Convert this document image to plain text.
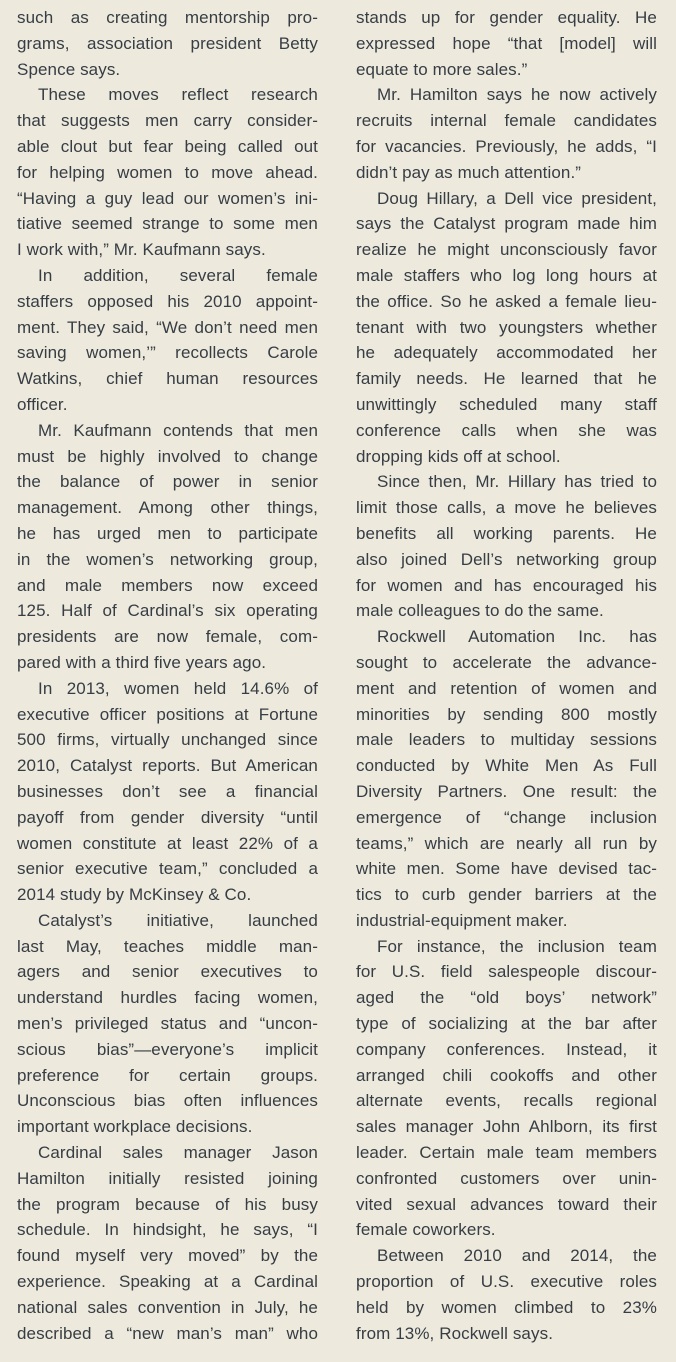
such as creating mentorship pro-
grams, association president Betty
Spence says.
These moves reflect research
that suggests men carry consider-
able clout but fear being called out
for helping women to move ahead.
“Having a guy lead our women’s ini-
tiative seemed strange to some men
I work with,” Mr. Kaufmann says.
In addition, several female
staffers opposed his 2010 appoint-
ment. They said, “We don’t need men
saving women,’” recollects Carole
Watkins, chief human resources
officer.
Mr. Kaufmann contends that men
must be highly involved to change
the balance of power in senior
management. Among other things,
he has urged men to participate
in the women’s networking group,
and male members now exceed
125. Half of Cardinal’s six operating
presidents are now female, com-
pared with a third five years ago.
In 2013, women held 14.6% of
executive officer positions at Fortune
500 firms, virtually unchanged since
2010, Catalyst reports. But American
businesses don’t see a financial
payoff from gender diversity “until
women constitute at least 22% of a
senior executive team,” concluded a
2014 study by McKinsey & Co.
Catalyst’s initiative, launched
last May, teaches middle man-
agers and senior executives to
understand hurdles facing women,
men’s privileged status and “uncon-
scious bias”—everyone’s implicit
preference for certain groups.
Unconscious bias often influences
important workplace decisions.
Cardinal sales manager Jason
Hamilton initially resisted joining
the program because of his busy
schedule. In hindsight, he says, “I
found myself very moved” by the
experience. Speaking at a Cardinal
national sales convention in July, he
described a “new man’s man” who
stands up for gender equality. He
expressed hope “that [model] will
equate to more sales.”
Mr. Hamilton says he now actively
recruits internal female candidates
for vacancies. Previously, he adds, “I
didn’t pay as much attention.”
Doug Hillary, a Dell vice president,
says the Catalyst program made him
realize he might unconsciously favor
male staffers who log long hours at
the office. So he asked a female lieu-
tenant with two youngsters whether
he adequately accommodated her
family needs. He learned that he
unwittingly scheduled many staff
conference calls when she was
dropping kids off at school.
Since then, Mr. Hillary has tried to
limit those calls, a move he believes
benefits all working parents. He
also joined Dell’s networking group
for women and has encouraged his
male colleagues to do the same.
Rockwell Automation Inc. has
sought to accelerate the advance-
ment and retention of women and
minorities by sending 800 mostly
male leaders to multiday sessions
conducted by White Men As Full
Diversity Partners. One result: the
emergence of “change inclusion
teams,” which are nearly all run by
white men. Some have devised tac-
tics to curb gender barriers at the
industrial-equipment maker.
For instance, the inclusion team
for U.S. field salespeople discour-
aged the “old boys’ network”
type of socializing at the bar after
company conferences. Instead, it
arranged chili cookoffs and other
alternate events, recalls regional
sales manager John Ahlborn, its first
leader. Certain male team members
confronted customers over unin-
vited sexual advances toward their
female coworkers.
Between 2010 and 2014, the
proportion of U.S. executive roles
held by women climbed to 23%
from 13%, Rockwell says.
